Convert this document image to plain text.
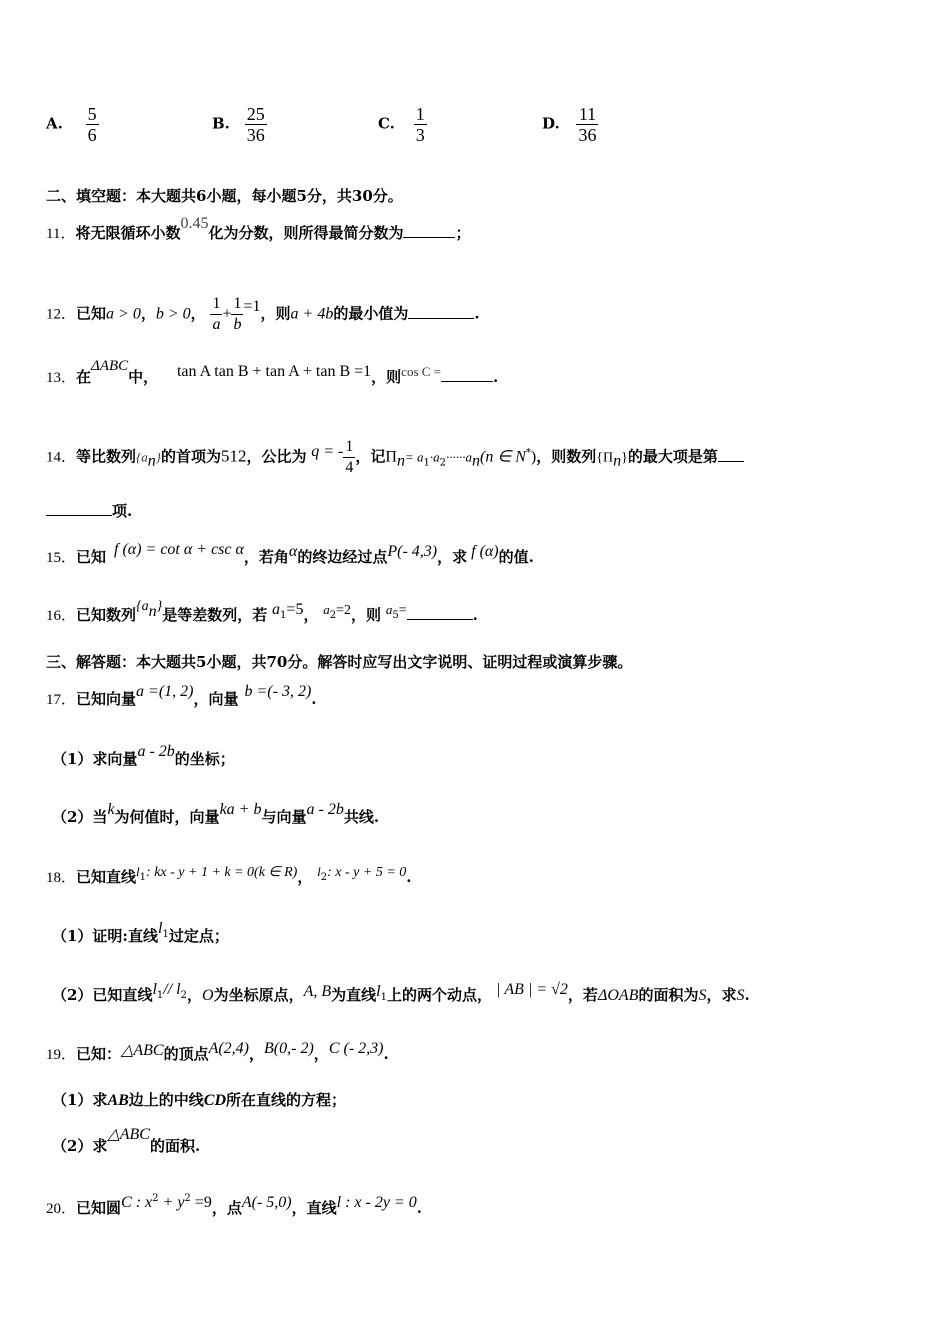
A. $\frac{5}{6}$	B. $\frac{25}{36}$	C. $\frac{1}{3}$	D. $\frac{11}{36}$
二、填空题：本大题共6小题，每小题5分，共30分。
11．将无限循环小数0.45化为分数，则所得最简分数为	；
12．已知a > 0，b > 0， $\frac{1}{a} + \frac{1}{b} =1$，则a + 4b的最小值为	.
13．在ΔABC中， tan A tan B + tan A + tan B =1，则cos C =	.
14．等比数列$\{a_n\}$的首项为512，公比为 q = - $\frac{1}{4}$ ，记$\Pi_n= a_1\cdot a_2\cdot\cdot\cdot\cdot\cdot\cdot a_n(n$ ∈ N*)，则数列$\{\Pi_n\}$的最大项是第
项.
15．已知 f (α) = cot α + csc α，若角α的终边经过点P(- 4,3)，求 f (α)的值.
16．已知数列$\{a_n\}$是等差数列，若 $a_1=5$， $a_2=2$，则 $a_5=$	.
三、解答题：本大题共5小题，共70分。解答时应写出文字说明、证明过程或演算步骤。
17．已知向量a =(1, 2)，向量 b =(- 3, 2).
（1）求向量a - 2b的坐标；
（2）当k为何值时，向量ka + b与向量a - 2b共线.
18．已知直线$l_1$: kx - y + 1 + k = 0(k ∈ R)， $l_2$: x - y + 5 = 0.
（1）证明:直线$l_1$过定点；
（2）已知直线$l_1//$ $l_2$，O为坐标原点，A, B为直线$l_1$上的两个动点， | AB | = √2，若ΔOAB的面积为S，求S.
19．已知：△ABC的顶点A(2,4)，B(0,- 2)，C (- 2,3).
（1）求AB边上的中线CD所在直线的方程；
（2）求△ABC的面积.
20．已知圆C : $x^2 + y^2 =9$，点A(- 5,0)，直线l : x - 2y = 0.
